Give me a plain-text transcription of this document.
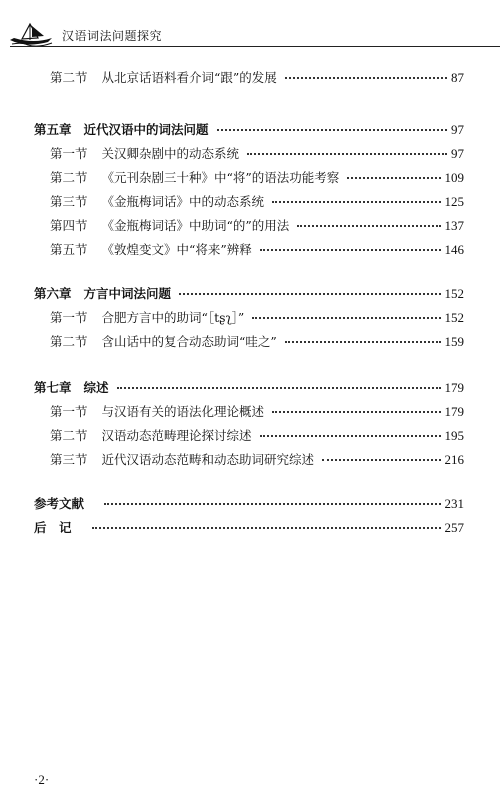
汉语词法问题探究
第二节 从北京话语料看介词“跟”的发展	87
第五章 近代汉语中的词法问题	97
第一节 关汉卿杂剧中的动态系统	97
第二节 《元刊杂剧三十种》中“将”的语法功能考察	109
第三节 《金瓶梅词话》中的动态系统	125
第四节 《金瓶梅词话》中助词“的”的用法	137
第五节 《敦煌变文》中“将来”辨释	146
第六章 方言中词法问题	152
第一节 合肥方言中的助词“［tʂʅ］”	152
第二节 含山话中的复合动态助词“哇之”	159
第七章 综述	179
第一节 与汉语有关的语法化理论概述	179
第二节 汉语动态范畴理论探讨综述	195
第三节 近代汉语动态范畴和动态助词研究综述	216
参考文献	231
后　记	257
·2·
